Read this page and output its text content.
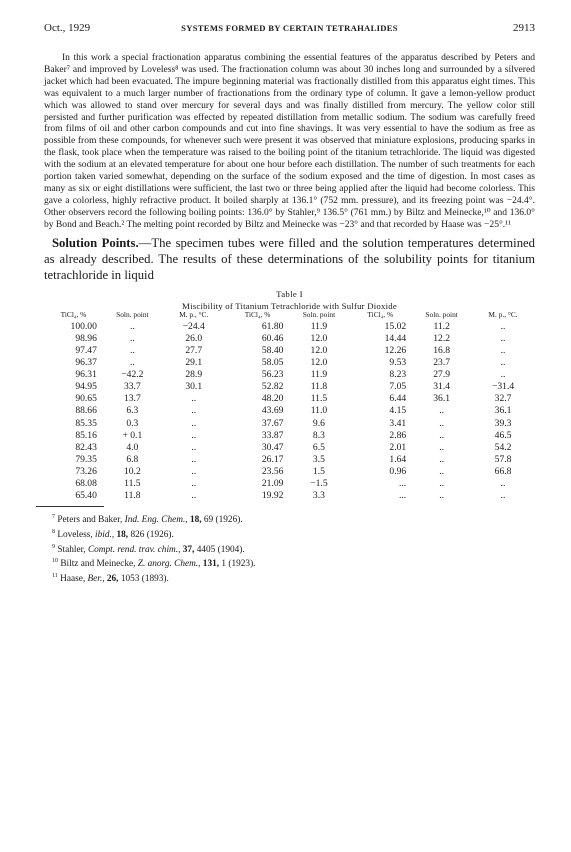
Oct., 1929	SYSTEMS FORMED BY CERTAIN TETRAHALIDES	2913

In this work a special fractionation apparatus combining the essential features of the apparatus described by Peters and Baker⁷ and improved by Loveless⁸ was used. The fractionation column was about 30 inches long and surrounded by a silvered jacket which had been evacuated. The impure beginning material was fractionally distilled from this apparatus eight times. This was equivalent to a much larger number of fractionations from the ordinary type of column. It gave a lemon-yellow product which was allowed to stand over mercury for several days and was finally distilled from mercury. The yellow color still persisted and further purification was effected by repeated distillation from metallic sodium. The sodium was carefully freed from films of oil and other carbon compounds and cut into fine shavings. It was very essential to have the sodium as free as possible from these compounds, for whenever such were present it was observed that miniature explosions, producing sparks in the flask, took place when the temperature was raised to the boiling point of the titanium tetrachloride. The liquid was digested with the sodium at an elevated temperature for about one hour before each distillation. The number of such treatments for each portion taken varied somewhat, depending on the surface of the sodium exposed and the time of digestion. In most cases as many as six or eight distillations were sufficient, the last two or three being applied after the liquid had become colorless. This gave a colorless, highly refractive product. It boiled sharply at 136.1° (752 mm. pressure), and its freezing point was −24.4°. Other observers record the following boiling points: 136.0° by Stahler,⁹ 136.5° (761 mm.) by Biltz and Meinecke,¹⁰ and 136.0° by Bond and Beach.² The melting point recorded by Biltz and Meinecke was −23° and that recorded by Haase was −25°.¹¹

Solution Points.—The specimen tubes were filled and the solution temperatures determined as already described. The results of these determinations of the solubility points for titanium tetrachloride in liquid

Table I
Miscibility of Titanium Tetrachloride with Sulfur Dioxide
TiCl₄, %	Soln. point	M. p., °C.	TiCl₄, %	Soln. point	TiCl₄, %	Soln. point	M. p., °C.
100.00	..	−24.4	61.80	11.9	15.02	11.2	..
98.96	..	26.0	60.46	12.0	14.44	12.2	..
97.47	..	27.7	58.40	12.0	12.26	16.8	..
96.37	..	29.1	58.05	12.0	9.53	23.7	..
96.31	−42.2	28.9	56.23	11.9	8.23	27.9	..
94.95	33.7	30.1	52.82	11.8	7.05	31.4	−31.4
90.65	13.7	..	48.20	11.5	6.44	36.1	32.7
88.66	6.3	..	43.69	11.0	4.15	..	36.1
85.35	0.3	..	37.67	9.6	3.41	..	39.3
85.16	+ 0.1	..	33.87	8.3	2.86	..	46.5
82.43	4.0	..	30.47	6.5	2.01	..	54.2
79.35	6.8	..	26.17	3.5	1.64	..	57.8
73.26	10.2	..	23.56	1.5	0.96	..	66.8
68.08	11.5	..	21.09	−1.5	...	..	..
65.40	11.8	..	19.92	3.3	...	..	..
$^7$ Peters and Baker, Ind. Eng. Chem., 18, 69 (1926).
$^8$ Loveless, ibid., 18, 826 (1926).
$^9$ Stahler, Compt. rend. trav. chim., 37, 4405 (1904).
$^{10}$ Biltz and Meinecke, Z. anorg. Chem., 131, 1 (1923).
$^{11}$ Haase, Ber., 26, 1053 (1893).
